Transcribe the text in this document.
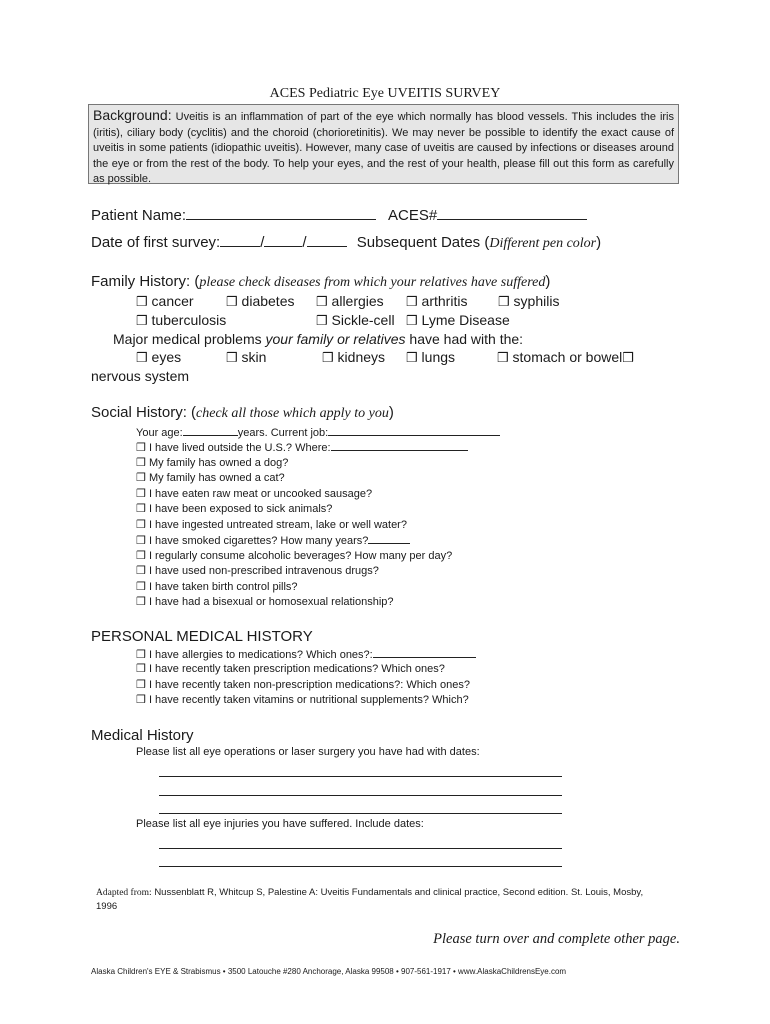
ACES Pediatric Eye UVEITIS SURVEY
Background: Uveitis is an inflammation of part of the eye which normally has blood vessels. This includes the iris (iritis), ciliary body (cyclitis) and the choroid (chorioretinitis). We may never be possible to identify the exact cause of uveitis in some patients (idiopathic uveitis). However, many case of uveitis are caused by infections or diseases around the eye or from the rest of the body. To help your eyes, and the rest of your health, please fill out this form as carefully as possible.
Patient Name:	ACES#
Date of first survey:	/	/	Subsequent Dates (Different pen color)
Family History: (please check diseases from which your relatives have suffered)
❒ cancer ❒ diabetes ❒ allergies ❒ arthritis ❒ syphilis
❒ tuberculosis	❒ Sickle-cell ❒ Lyme Disease
Major medical problems your family or relatives have had with the:
❒ eyes	❒ skin	❒ kidneys ❒ lungs	❒ stomach or bowel❒
nervous system
Social History: (check all those which apply to you)
Your age:	years. Current job:
❒ I have lived outside the U.S.? Where:
❒ My family has owned a dog?
❒ My family has owned a cat?
❒ I have eaten raw meat or uncooked sausage?
❒ I have been exposed to sick animals?
❒ I have ingested untreated stream, lake or well water?
❒ I have smoked cigarettes? How many years?
❒ I regularly consume alcoholic beverages? How many per day?
❒ I have used non-prescribed intravenous drugs?
❒ I have taken birth control pills?
❒ I have had a bisexual or homosexual relationship?
PERSONAL MEDICAL HISTORY
❒ I have allergies to medications? Which ones?:
❒ I have recently taken prescription medications? Which ones?
❒ I have recently taken non-prescription medications?: Which ones?
❒ I have recently taken vitamins or nutritional supplements? Which?
Medical History
Please list all eye operations or laser surgery you have had with dates:
Please list all eye injuries you have suffered. Include dates:
Adapted from: Nussenblatt R, Whitcup S, Palestine A: Uveitis Fundamentals and clinical practice, Second edition. St. Louis, Mosby,
1996
Please turn over and complete other page.
Alaska Children's EYE & Strabismus • 3500 Latouche #280 Anchorage, Alaska 99508 • 907-561-1917 • www.AlaskaChildrensEye.com
